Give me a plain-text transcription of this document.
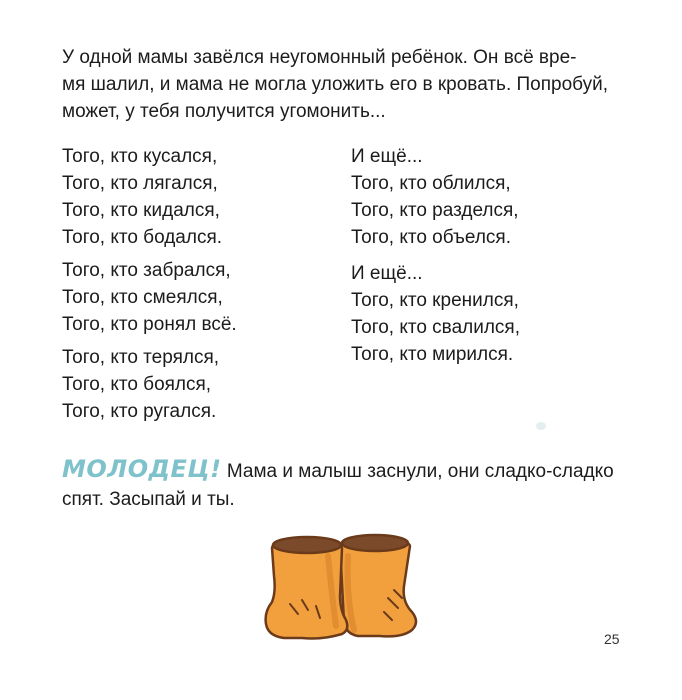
У одной мамы завёлся неугомонный ребёнок. Он всё вре-
мя шалил, и мама не могла уложить его в кровать. Попробуй,
может, у тебя получится угомонить...
Того, кто кусался,
Того, кто лягался,
Того, кто кидался,
Того, кто бодался.
Того, кто забрался,
Того, кто смеялся,
Того, кто ронял всё.
Того, кто терялся,
Того, кто боялся,
Того, кто ругался.
И ещё...
Того, кто облился,
Того, кто разделся,
Того, кто объелся.
И ещё...
Того, кто кренился,
Того, кто свалился,
Того, кто мирился.
МОЛОДЕЦ! Мама и малыш заснули, они сладко-сладко
спят. Засыпай и ты.
25
